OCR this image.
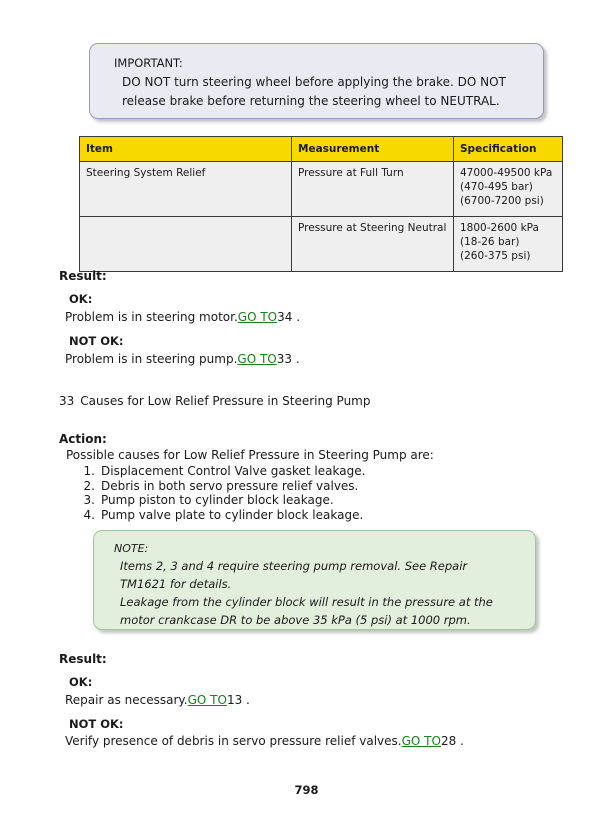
IMPORTANT:
DO NOT turn steering wheel before applying the brake. DO NOT
release brake before returning the steering wheel to NEUTRAL.
Item	Measurement	Specification
Steering System Relief	Pressure at Full Turn	47000-49500 kPa
(470-495 bar)
(6700-7200 psi)

	Pressure at Steering Neutral	1800-2600 kPa
(18-26 bar)
(260-375 psi)
Result:
OK:
Problem is in steering motor.GO TO34 .
NOT OK:
Problem is in steering pump.GO TO33 .
33 Causes for Low Relief Pressure in Steering Pump
Action:
Possible causes for Low Relief Pressure in Steering Pump are:
1. Displacement Control Valve gasket leakage.
2. Debris in both servo pressure relief valves.
3. Pump piston to cylinder block leakage.
4. Pump valve plate to cylinder block leakage.
NOTE:
Items 2, 3 and 4 require steering pump removal. See Repair
TM1621 for details.
Leakage from the cylinder block will result in the pressure at the
motor crankcase DR to be above 35 kPa (5 psi) at 1000 rpm.
Result:
OK:
Repair as necessary.GO TO13 .
NOT OK:
Verify presence of debris in servo pressure relief valves.GO TO28 .
798
